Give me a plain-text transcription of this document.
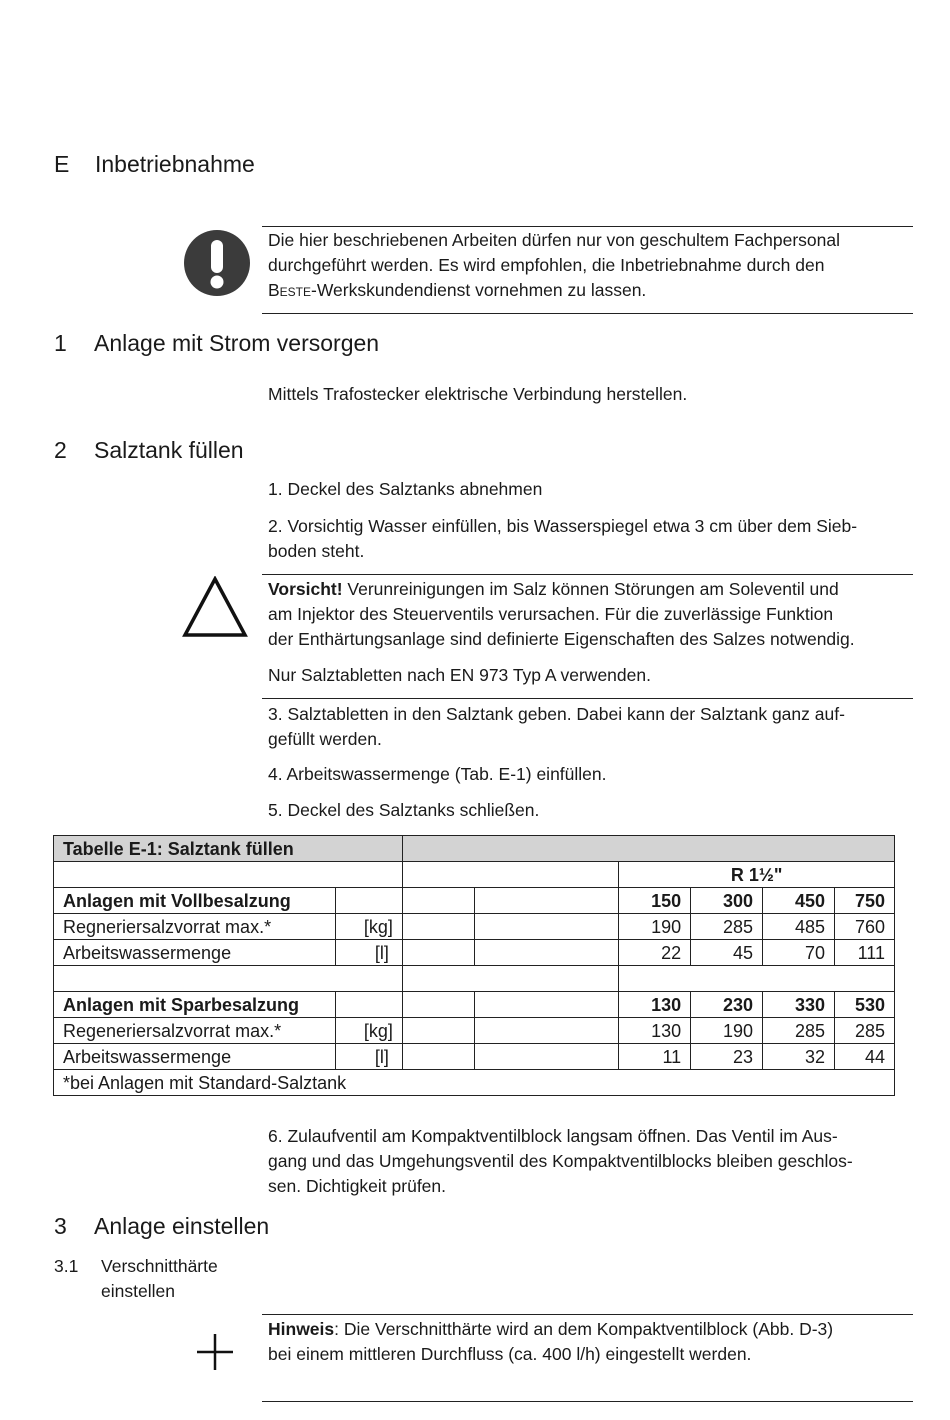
E Inbetriebnahme
Die hier beschriebenen Arbeiten dürfen nur von geschultem Fachpersonal
durchgeführt werden. Es wird empfohlen, die Inbetriebnahme durch den
Beste-Werkskundendienst vornehmen zu lassen.
1 Anlage mit Strom versorgen
Mittels Trafostecker elektrische Verbindung herstellen.
2 Salztank füllen
1. Deckel des Salztanks abnehmen
2. Vorsichtig Wasser einfüllen, bis Wasserspiegel etwa 3 cm über dem Sieb-
boden steht.
Vorsicht! Verunreinigungen im Salz können Störungen am Soleventil und
am Injektor des Steuerventils verursachen. Für die zuverlässige Funktion
der Enthärtungsanlage sind definierte Eigenschaften des Salzes notwendig.
Nur Salztabletten nach EN 973 Typ A verwenden.
3. Salztabletten in den Salztank geben. Dabei kann der Salztank ganz auf-
gefüllt werden.
4. Arbeitswassermenge (Tab. E-1) einfüllen.
5. Deckel des Salztanks schließen.
Tabelle E-1: Salztank füllen							
				R 1½"			
Anlagen mit Vollbesalzung				150	300	450	750
Regneriersalzvorrat max.*	[kg]			190	285	485	760
Arbeitswassermenge	[l]			22	45	70	111

Anlagen mit Sparbesalzung				130	230	330	530
Regeneriersalzvorrat max.*	[kg]			130	190	285	285
Arbeitswassermenge	[l]			11	23	32	44
*bei Anlagen mit Standard-Salztank							
6. Zulaufventil am Kompaktventilblock langsam öffnen. Das Ventil im Aus-
gang und das Umgehungsventil des Kompaktventilblocks bleiben geschlos-
sen. Dichtigkeit prüfen.
3 Anlage einstellen
3.1 Verschnitthärte
einstellen
Hinweis: Die Verschnitthärte wird an dem Kompaktventilblock (Abb. D-3)
bei einem mittleren Durchfluss (ca. 400 l/h) eingestellt werden.
